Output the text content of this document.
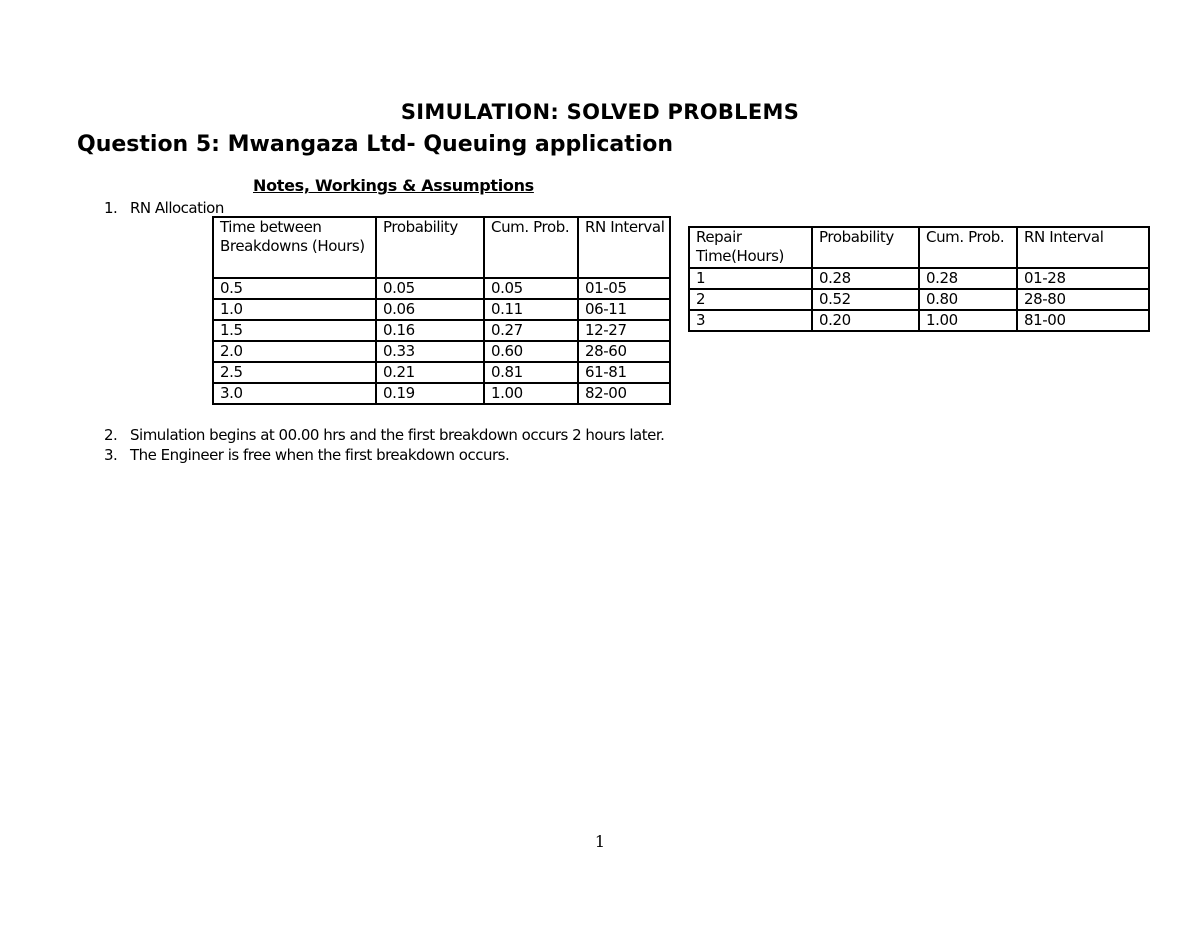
SIMULATION: SOLVED PROBLEMS
Question 5: Mwangaza Ltd- Queuing application
Notes, Workings & Assumptions
1. RN Allocation
Time between Breakdowns (Hours)	Probability	Cum. Prob.	RN Interval
0.5	0.05	0.05	01-05
1.0	0.06	0.11	06-11
1.5	0.16	0.27	12-27
2.0	0.33	0.60	28-60
2.5	0.21	0.81	61-81
3.0	0.19	1.00	82-00
Repair Time(Hours)	Probability	Cum. Prob.	RN Interval
1	0.28	0.28	01-28
2	0.52	0.80	28-80
3	0.20	1.00	81-00
2. Simulation begins at 00.00 hrs and the first breakdown occurs 2 hours later.
3. The Engineer is free when the first breakdown occurs.
1
